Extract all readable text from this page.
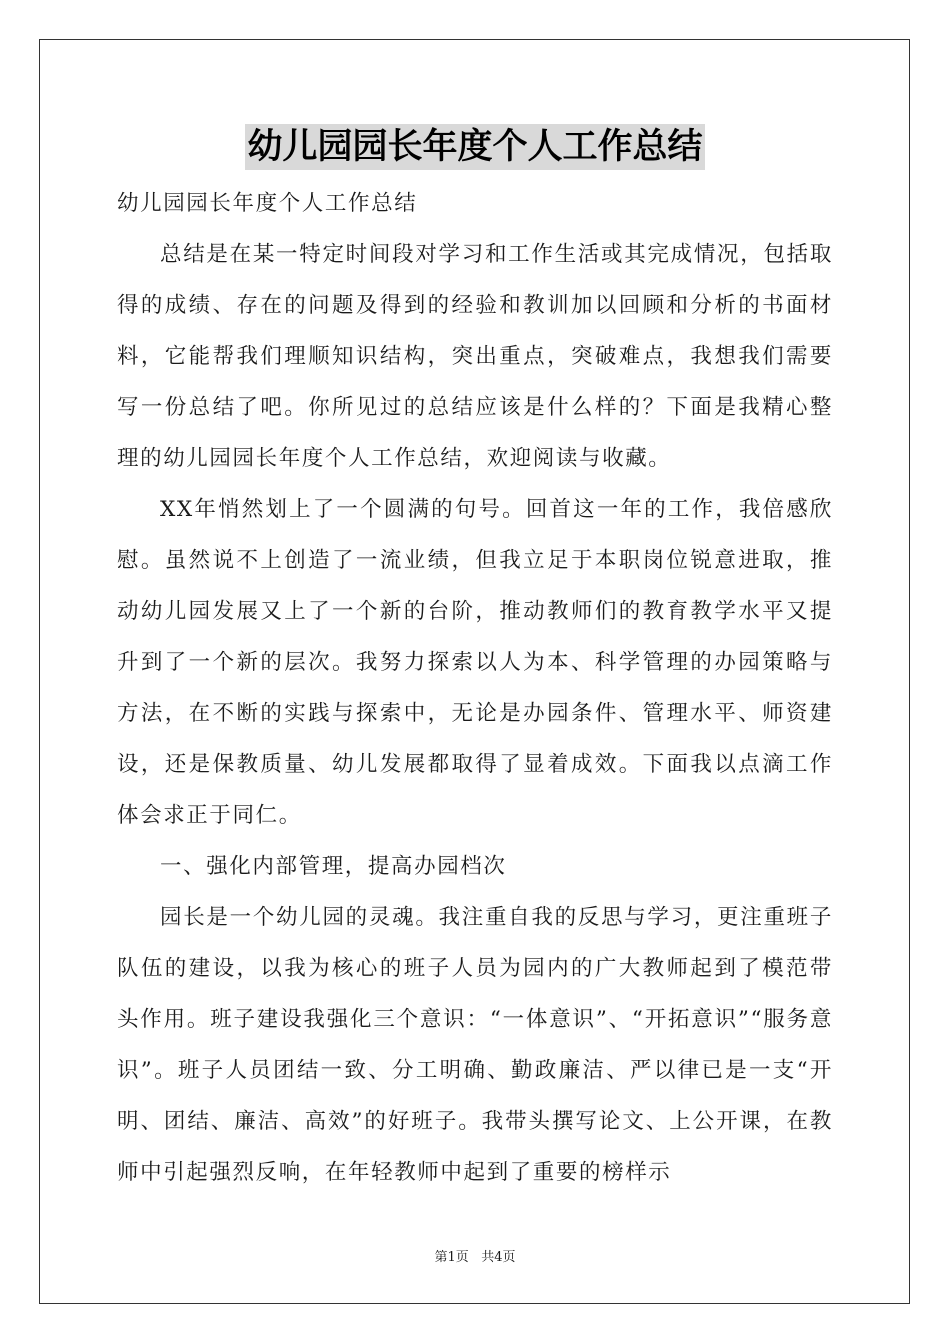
幼儿园园长年度个人工作总结

幼儿园园长年度个人工作总结

总结是在某一特定时间段对学习和工作生活或其完成情况，包括取得的成绩、存在的问题及得到的经验和教训加以回顾和分析的书面材料，它能帮我们理顺知识结构，突出重点，突破难点，我想我们需要写一份总结了吧。你所见过的总结应该是什么样的？下面是我精心整理的幼儿园园长年度个人工作总结，欢迎阅读与收藏。

XX年悄然划上了一个圆满的句号。回首这一年的工作，我倍感欣慰。虽然说不上创造了一流业绩，但我立足于本职岗位锐意进取，推动幼儿园发展又上了一个新的台阶，推动教师们的教育教学水平又提升到了一个新的层次。我努力探索以人为本、科学管理的办园策略与方法，在不断的实践与探索中，无论是办园条件、管理水平、师资建设，还是保教质量、幼儿发展都取得了显着成效。下面我以点滴工作体会求正于同仁。

一、强化内部管理，提高办园档次

园长是一个幼儿园的灵魂。我注重自我的反思与学习，更注重班子队伍的建设，以我为核心的班子人员为园内的广大教师起到了模范带头作用。班子建设我强化三个意识：“一体意识”、“开拓意识”“服务意识”。班子人员团结一致、分工明确、勤政廉洁、严以律已是一支“开明、团结、廉洁、高效”的好班子。我带头撰写论文、上公开课，在教师中引起强烈反响，在年轻教师中起到了重要的榜样示

第1页 共4页
